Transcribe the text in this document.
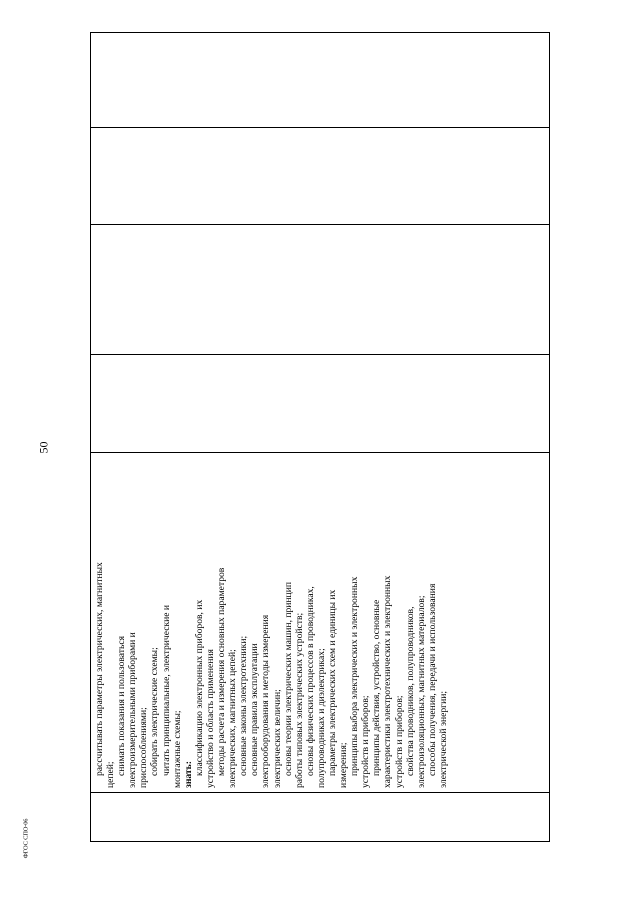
50

рассчитывать параметры электрических, магнитных цепей; снимать показания и пользоваться электроизмерительными приборами и приспособлениями; собирать электрические схемы; читать принципиальные, электрические и монтажные схемы; знать: классификацию электронных приборов, их устройство и область применения методы расчета и измерения основных параметров электрических, магнитных цепей; основные законы электротехники; основные правила эксплуатации электрооборудования и методы измерения электрических величин; основы теории электрических машин, принцип работы типовых электрических устройств; основы физических процессов в проводниках, полупроводниках и диэлектриках; параметры электрических схем и единицы их измерения; принципы выбора электрических и электронных устройств и приборов; принципы действия, устройство, основные характеристики электротехнических и электронных устройств и приборов; свойства проводников, полупроводников, электроизоляционных, магнитных материалов; способы получения, передачи и использования электрической энергии;

ФГОС СПО-06
